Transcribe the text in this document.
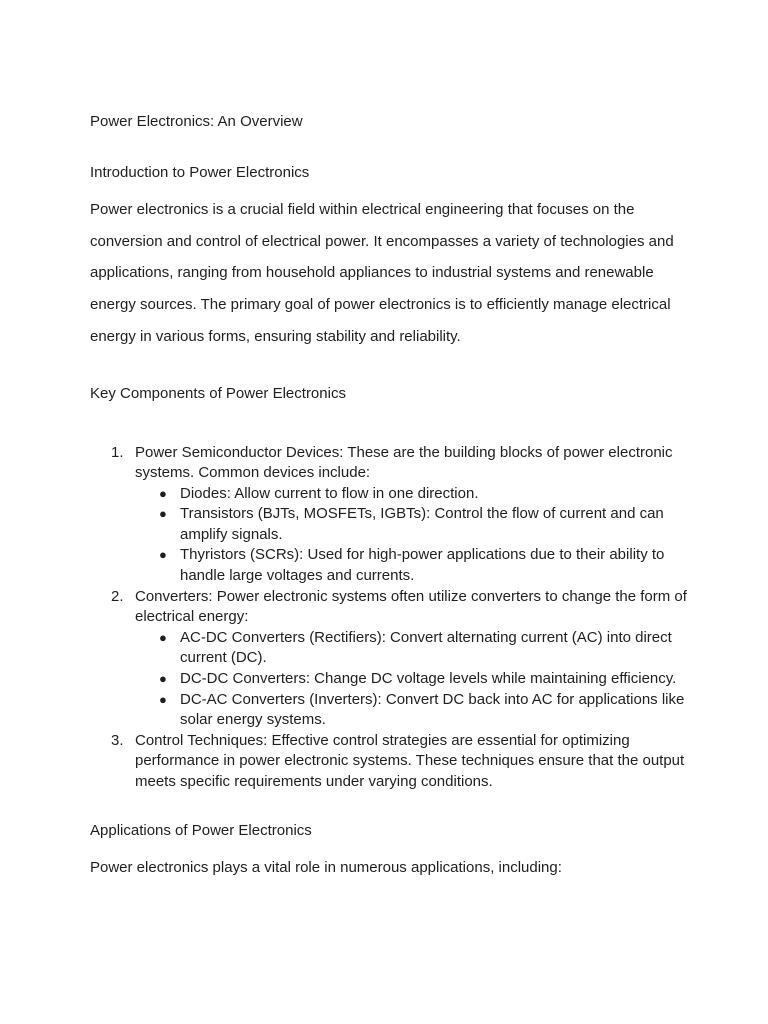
Power Electronics: An Overview
Introduction to Power Electronics

Power electronics is a crucial field within electrical engineering that focuses on the conversion and control of electrical power. It encompasses a variety of technologies and applications, ranging from household appliances to industrial systems and renewable energy sources. The primary goal of power electronics is to efficiently manage electrical energy in various forms, ensuring stability and reliability.

Key Components of Power Electronics
1. Power Semiconductor Devices: These are the building blocks of power electronic systems. Common devices include:
● Diodes: Allow current to flow in one direction.
● Transistors (BJTs, MOSFETs, IGBTs): Control the flow of current and can amplify signals.
● Thyristors (SCRs): Used for high-power applications due to their ability to handle large voltages and currents.
2. Converters: Power electronic systems often utilize converters to change the form of electrical energy:
● AC-DC Converters (Rectifiers): Convert alternating current (AC) into direct current (DC).
● DC-DC Converters: Change DC voltage levels while maintaining efficiency.
● DC-AC Converters (Inverters): Convert DC back into AC for applications like solar energy systems.
3. Control Techniques: Effective control strategies are essential for optimizing performance in power electronic systems. These techniques ensure that the output meets specific requirements under varying conditions.
Applications of Power Electronics

Power electronics plays a vital role in numerous applications, including:
